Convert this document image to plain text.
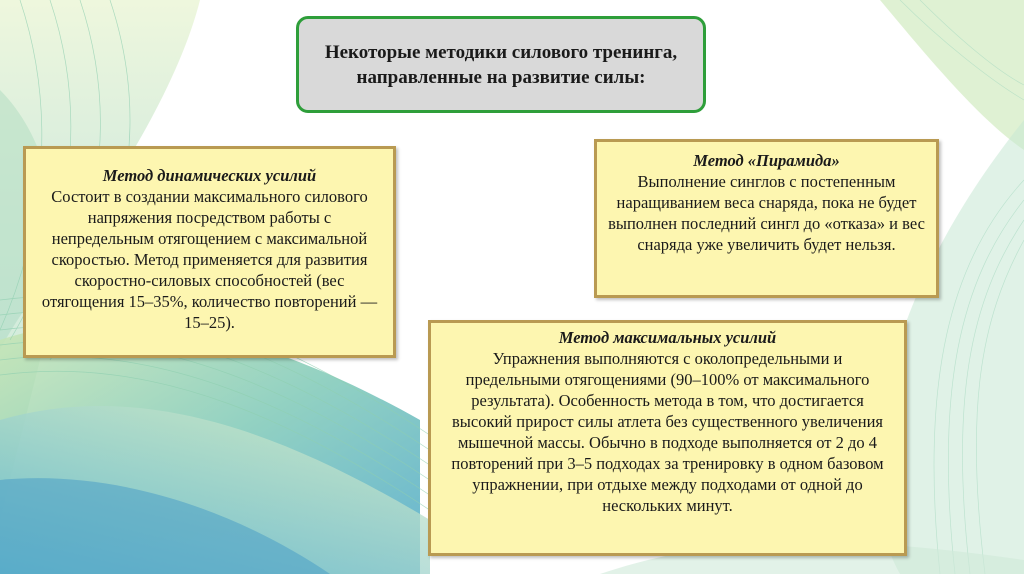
Некоторые методики силового тренинга, направленные на развитие силы:
Метод динамических усилий
Состоит в создании максимального силового напряжения посредством работы с непредельным отягощением с максимальной скоростью. Метод применяется для развития скоростно-силовых способностей (вес отягощения 15–35%, количество повторений — 15–25).
Метод «Пирамида»
Выполнение синглов с постепенным наращиванием веса снаряда, пока не будет выполнен последний сингл до «отказа» и вес снаряда уже увеличить будет нельзя.
Метод максимальных усилий
Упражнения выполняются с околопредельными и предельными отягощениями (90–100% от максимального результата). Особенность метода в том, что достигается высокий прирост силы атлета без существенного увеличения мышечной массы. Обычно в подходе выполняется от 2 до 4 повторений при 3–5 подходах за тренировку в одном базовом упражнении, при отдыхе между подходами от одной до нескольких минут.
